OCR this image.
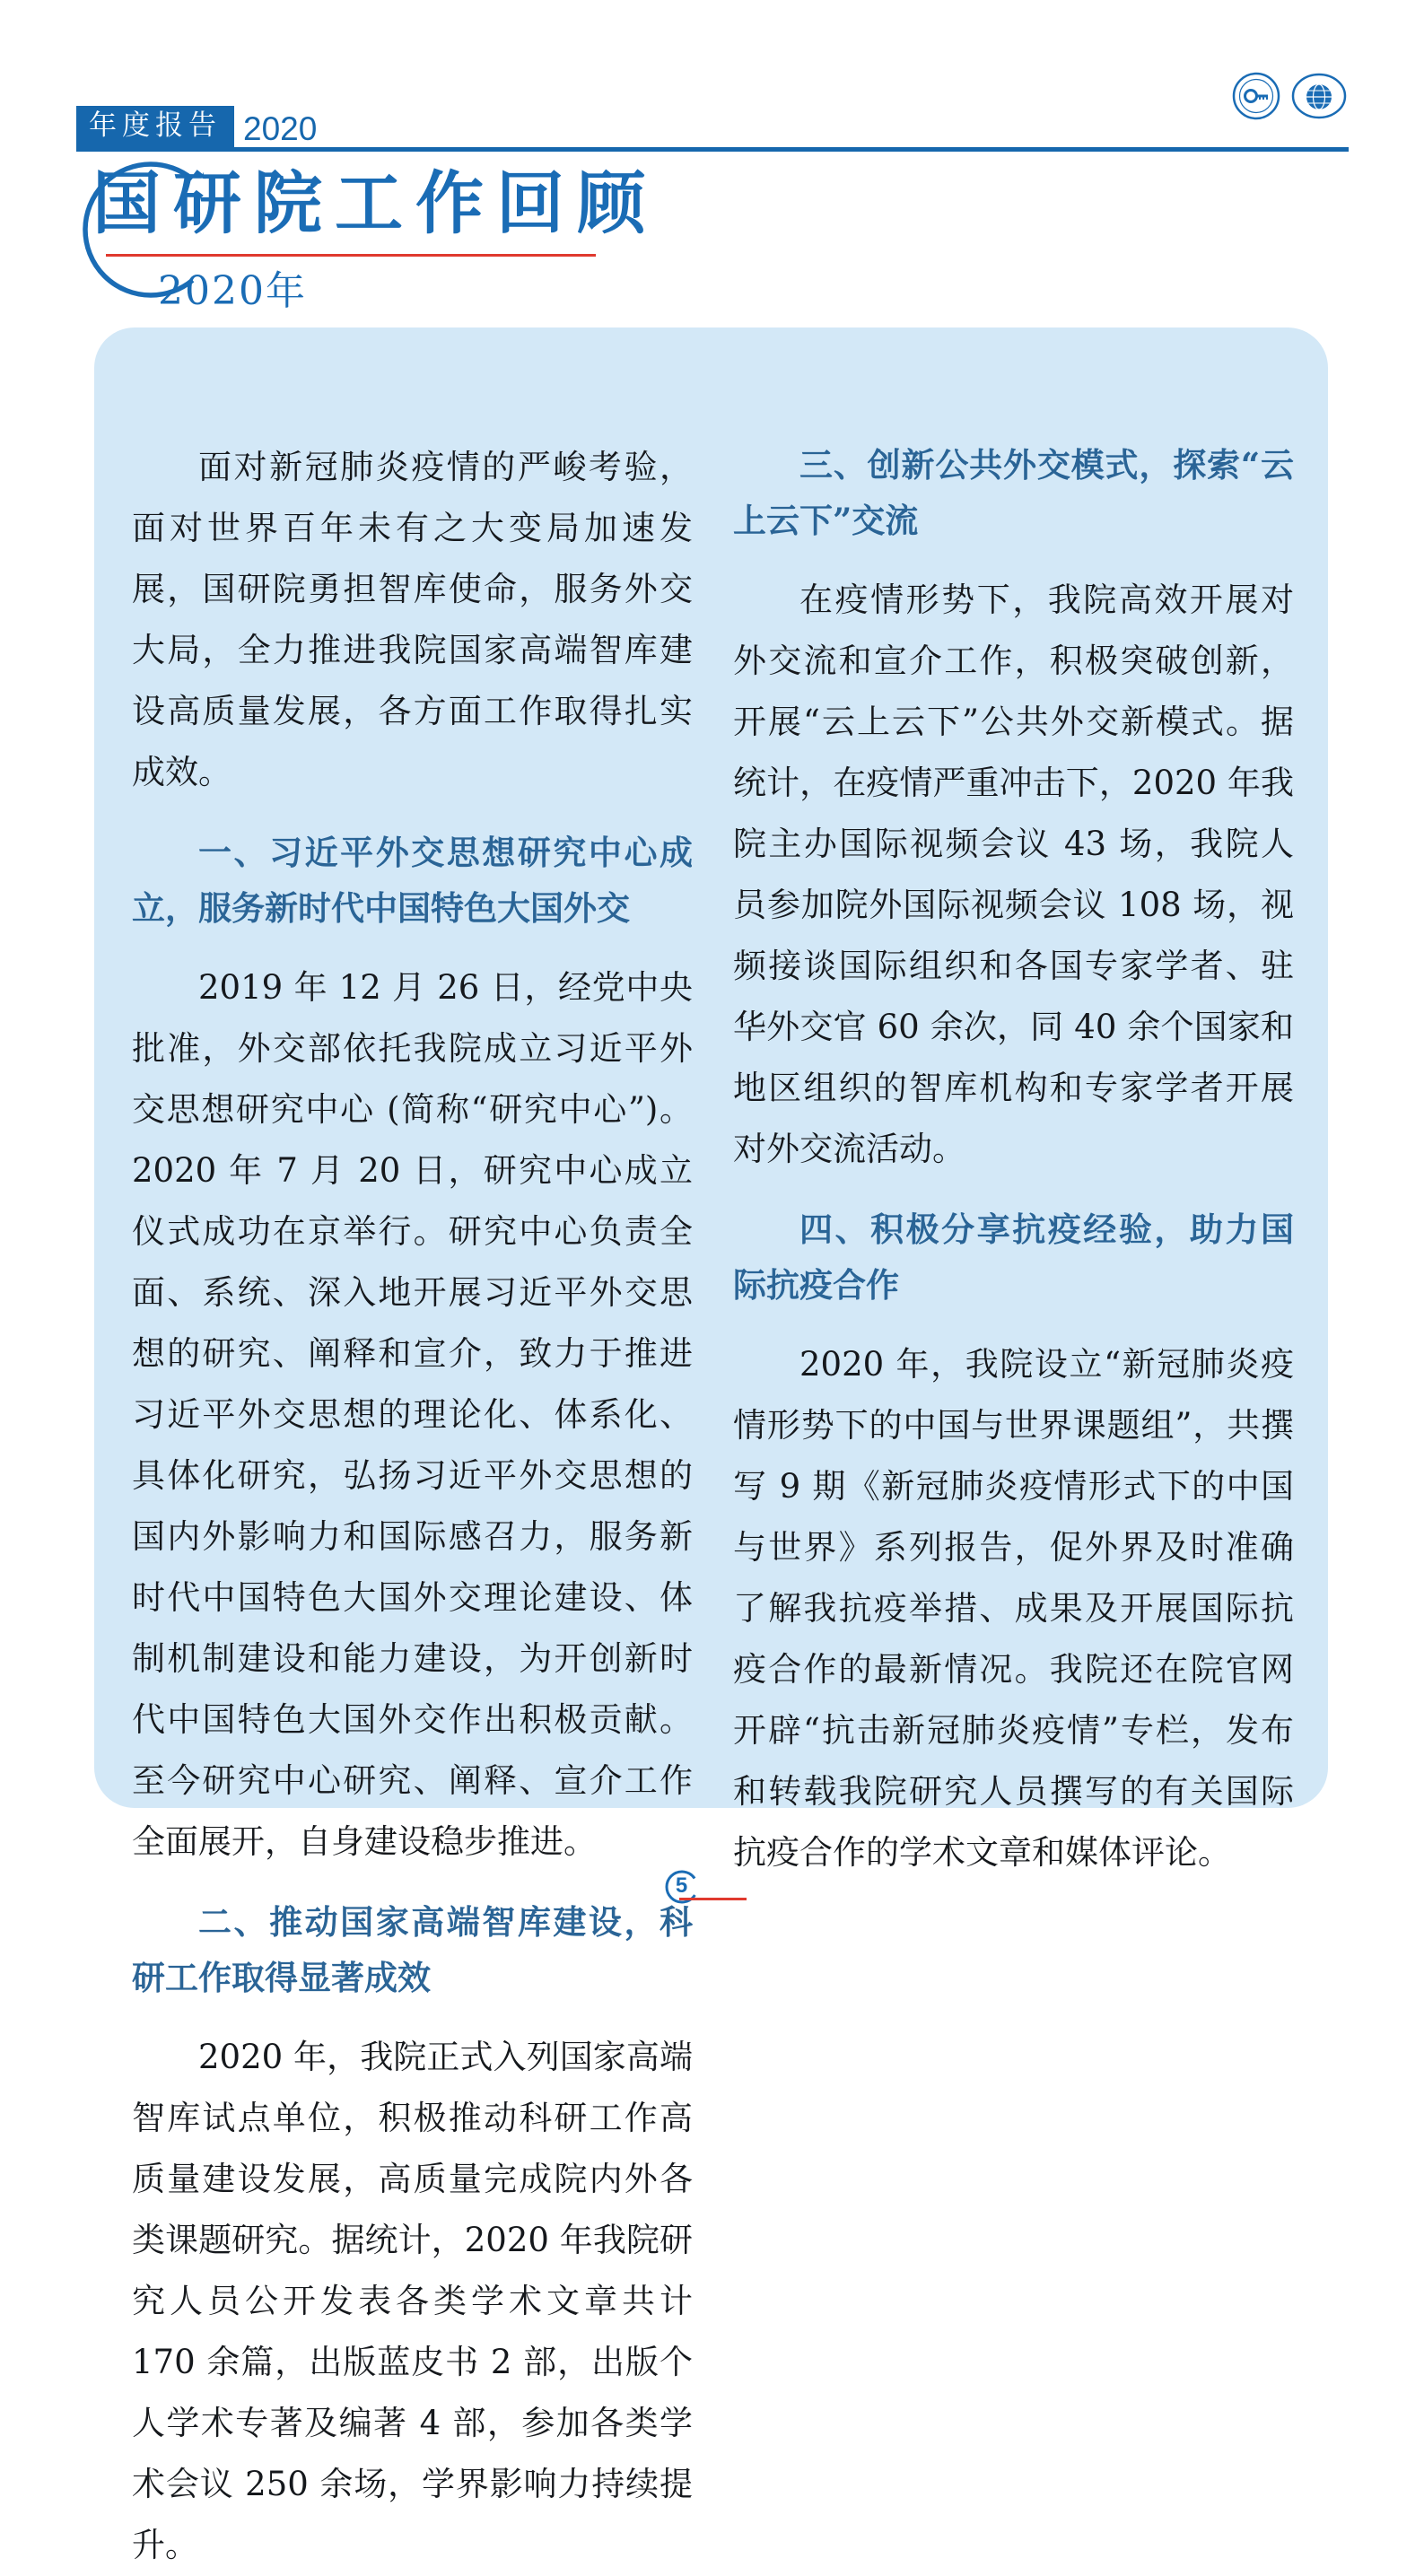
年度报告 2020
国研院工作回顾
2020年

面对新冠肺炎疫情的严峻考验，面对世界百年未有之大变局加速发展，国研院勇担智库使命，服务外交大局，全力推进我院国家高端智库建设高质量发展，各方面工作取得扎实成效。

一、习近平外交思想研究中心成立，服务新时代中国特色大国外交

2019 年 12 月 26 日，经党中央批准，外交部依托我院成立习近平外交思想研究中心 (简称“研究中心”)。2020 年 7 月 20 日，研究中心成立仪式成功在京举行。研究中心负责全面、系统、深入地开展习近平外交思想的研究、阐释和宣介，致力于推进习近平外交思想的理论化、体系化、具体化研究，弘扬习近平外交思想的国内外影响力和国际感召力，服务新时代中国特色大国外交理论建设、体制机制建设和能力建设，为开创新时代中国特色大国外交作出积极贡献。至今研究中心研究、阐释、宣介工作全面展开，自身建设稳步推进。

二、推动国家高端智库建设，科研工作取得显著成效

2020 年，我院正式入列国家高端智库试点单位，积极推动科研工作高质量建设发展，高质量完成院内外各类课题研究。据统计，2020 年我院研究人员公开发表各类学术文章共计 170 余篇，出版蓝皮书 2 部，出版个人学术专著及编著 4 部，参加各类学术会议 250 余场，学界影响力持续提升。

三、创新公共外交模式，探索“云上云下”交流

在疫情形势下，我院高效开展对外交流和宣介工作，积极突破创新，开展“云上云下”公共外交新模式。据统计，在疫情严重冲击下，2020 年我院主办国际视频会议 43 场，我院人员参加院外国际视频会议 108 场，视频接谈国际组织和各国专家学者、驻华外交官 60 余次，同 40 余个国家和地区组织的智库机构和专家学者开展对外交流活动。

四、积极分享抗疫经验，助力国际抗疫合作

2020 年，我院设立“新冠肺炎疫情形势下的中国与世界课题组”，共撰写 9 期《新冠肺炎疫情形式下的中国与世界》系列报告，促外界及时准确了解我抗疫举措、成果及开展国际抗疫合作的最新情况。我院还在院官网开辟“抗击新冠肺炎疫情”专栏，发布和转载我院研究人员撰写的有关国际抗疫合作的学术文章和媒体评论。

5
